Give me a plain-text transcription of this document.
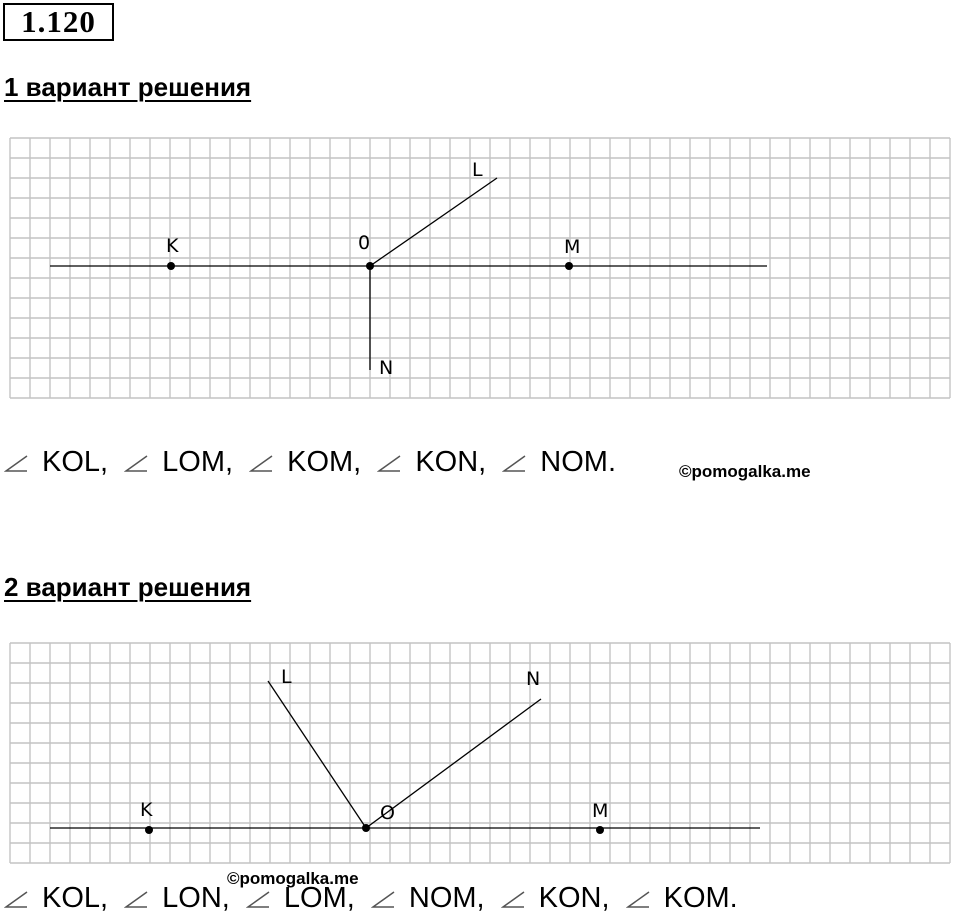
1.120
1 вариант решения
K	0	M
L
N
KOL, LOM, KOM, KON, NOM.	©pomogalka.me
2 вариант решения
K	O	M
L	N
©pomogalka.me
KOL, LON, LOM, NOM, KON, KOM.
